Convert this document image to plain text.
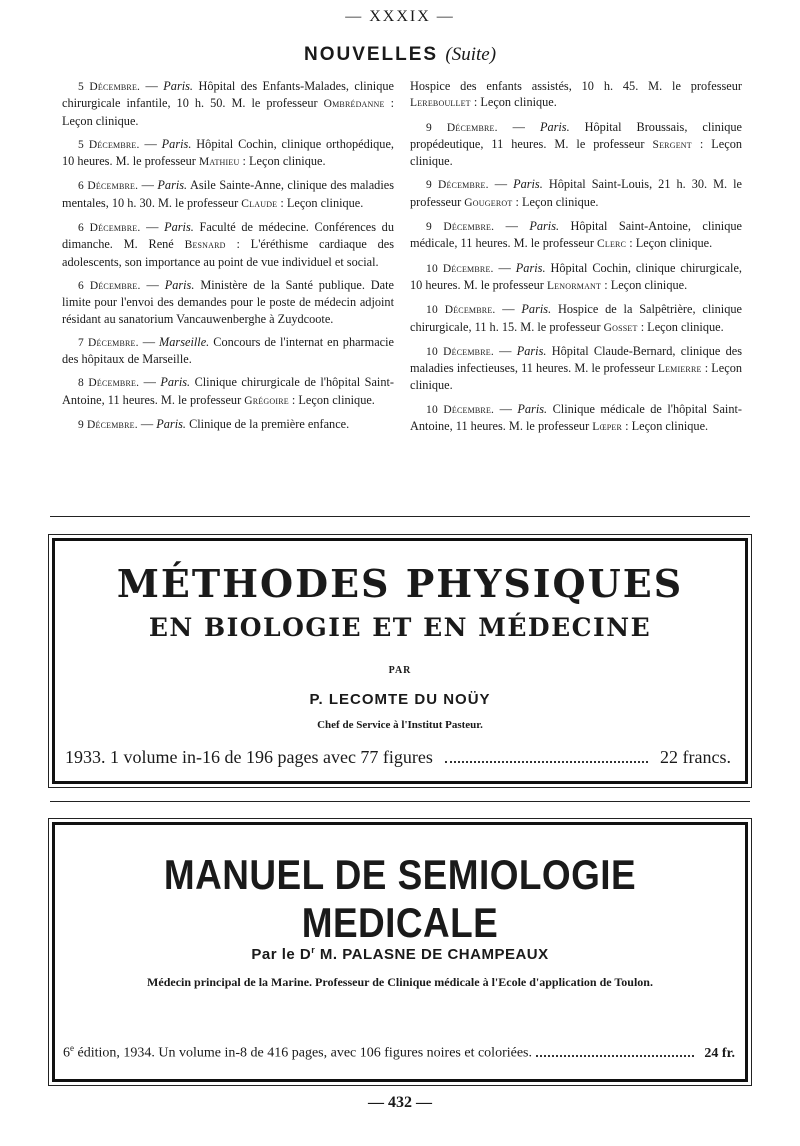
— XXXIX —
NOUVELLES (Suite)

5 Décembre. — Paris. Hôpital des Enfants-Malades, clinique chirurgicale infantile, 10 h. 50. M. le professeur Ombrédanne : Leçon clinique.

5 Décembre. — Paris. Hôpital Cochin, clinique orthopédique, 10 heures. M. le professeur Mathieu : Leçon clinique.

6 Décembre. — Paris. Asile Sainte-Anne, clinique des maladies mentales, 10 h. 30. M. le professeur Claude : Leçon clinique.

6 Décembre. — Paris. Faculté de médecine. Conférences du dimanche. M. René Besnard : L'éréthisme cardiaque des adolescents, son importance au point de vue individuel et social.

6 Décembre. — Paris. Ministère de la Santé publique. Date limite pour l'envoi des demandes pour le poste de médecin adjoint résidant au sanatorium Vancauwenberghe à Zuydcoote.

7 Décembre. — Marseille. Concours de l'internat en pharmacie des hôpitaux de Marseille.

8 Décembre. — Paris. Clinique chirurgicale de l'hôpital Saint-Antoine, 11 heures. M. le professeur Grégoire : Leçon clinique.

9 Décembre. — Paris. Clinique de la première enfance.

Hospice des enfants assistés, 10 h. 45. M. le professeur Lereboullet : Leçon clinique.

9 Décembre. — Paris. Hôpital Broussais, clinique propédeutique, 11 heures. M. le professeur Sergent : Leçon clinique.

9 Décembre. — Paris. Hôpital Saint-Louis, 21 h. 30. M. le professeur Gougerot : Leçon clinique.

9 Décembre. — Paris. Hôpital Saint-Antoine, clinique médicale, 11 heures. M. le professeur Clerc : Leçon clinique.

10 Décembre. — Paris. Hôpital Cochin, clinique chirurgicale, 10 heures. M. le professeur Lenormant : Leçon clinique.

10 Décembre. — Paris. Hospice de la Salpêtrière, clinique chirurgicale, 11 h. 15. M. le professeur Gosset : Leçon clinique.

10 Décembre. — Paris. Hôpital Claude-Bernard, clinique des maladies infectieuses, 11 heures. M. le professeur Lemierre : Leçon clinique.

10 Décembre. — Paris. Clinique médicale de l'hôpital Saint-Antoine, 11 heures. M. le professeur Lœper : Leçon clinique.

MÉTHODES PHYSIQUES
EN BIOLOGIE ET EN MÉDECINE
PAR
P. LECOMTE DU NOÜY
Chef de Service à l'Institut Pasteur.
1933. 1 volume in-16 de 196 pages avec 77 figures	22 francs.
MANUEL DE SEMIOLOGIE MEDICALE
Par le $D^r$ M. PALASNE DE CHAMPEAUX
Médecin principal de la Marine. Professeur de Clinique médicale à l'Ecole d'application de Toulon.
6e édition, 1934. Un volume in-8 de 416 pages, avec 106 figures noires et coloriées.	24 fr.
— 432 —
